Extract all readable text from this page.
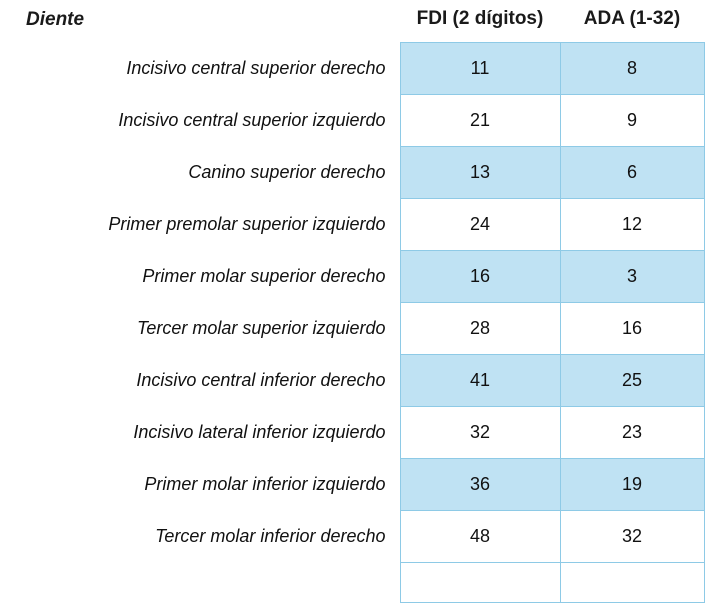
Diente	FDI (2 dígitos)	ADA (1-32)
Incisivo central superior derecho	11	8
Incisivo central superior izquierdo	21	9
Canino superior derecho	13	6
Primer premolar superior izquierdo	24	12
Primer molar superior derecho	16	3
Tercer molar superior izquierdo	28	16
Incisivo central inferior derecho	41	25
Incisivo lateral inferior izquierdo	32	23
Primer molar inferior izquierdo	36	19
Tercer molar inferior derecho	48	32
